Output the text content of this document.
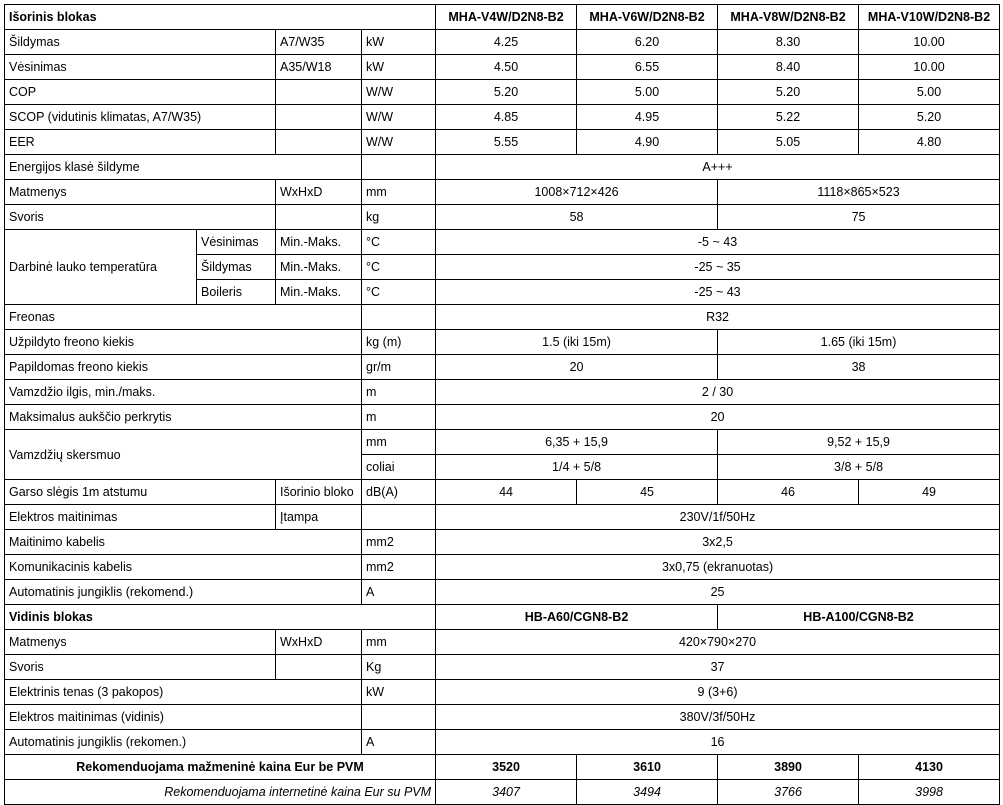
Išorinis blokas				MHA-V4W/D2N8-B2	MHA-V6W/D2N8-B2	MHA-V8W/D2N8-B2	MHA-V10W/D2N8-B2
Šildymas		A7/W35	kW	4.25	6.20	8.30	10.00
Vėsinimas		A35/W18	kW	4.50	6.55	8.40	10.00
COP			W/W	5.20	5.00	5.20	5.00
SCOP (vidutinis klimatas, A7/W35)			W/W	4.85	4.95	5.22	5.20
EER			W/W	5.55	4.90	5.05	4.80
Energijos klasė šildyme				A+++			
Matmenys		WxHxD	mm	1008×712×426		1118×865×523	
Svoris			kg	58		75	
Darbinė lauko temperatūra	Vėsinimas	Min.-Maks.	°C	-5 ~ 43			
	Šildymas	Min.-Maks.	°C	-25 ~ 35			
	Boileris	Min.-Maks.	°C	-25 ~ 43			
Freonas				R32			
Užpildyto freono kiekis			kg (m)	1.5 (iki 15m)		1.65 (iki 15m)	
Papildomas freono kiekis			gr/m	20		38	
Vamzdžio ilgis, min./maks.			m	2 / 30			
Maksimalus aukščio perkrytis			m	20			
Vamzdžių skersmuo			mm	6,35 + 15,9		9,52 + 15,9	
			coliai	1/4 + 5/8		3/8 + 5/8	
Garso slėgis 1m atstumu		Išorinio bloko	dB(A)	44	45	46	49
Elektros maitinimas		Įtampa		230V/1f/50Hz			
Maitinimo kabelis			mm2	3x2,5			
Komunikacinis kabelis			mm2	3x0,75 (ekranuotas)			
Automatinis jungiklis (rekomend.)			A	25			
Vidinis blokas				HB-A60/CGN8-B2		HB-A100/CGN8-B2	
Matmenys		WxHxD	mm	420×790×270			
Svoris			Kg	37			
Elektrinis tenas (3 pakopos)			kW	9 (3+6)			
Elektros maitinimas (vidinis)				380V/3f/50Hz			
Automatinis jungiklis (rekomen.)			A	16			
Rekomenduojama mažmeninė kaina Eur be PVM				3520	3610	3890	4130
Rekomenduojama internetinė kaina Eur su PVM				3407	3494	3766	3998
